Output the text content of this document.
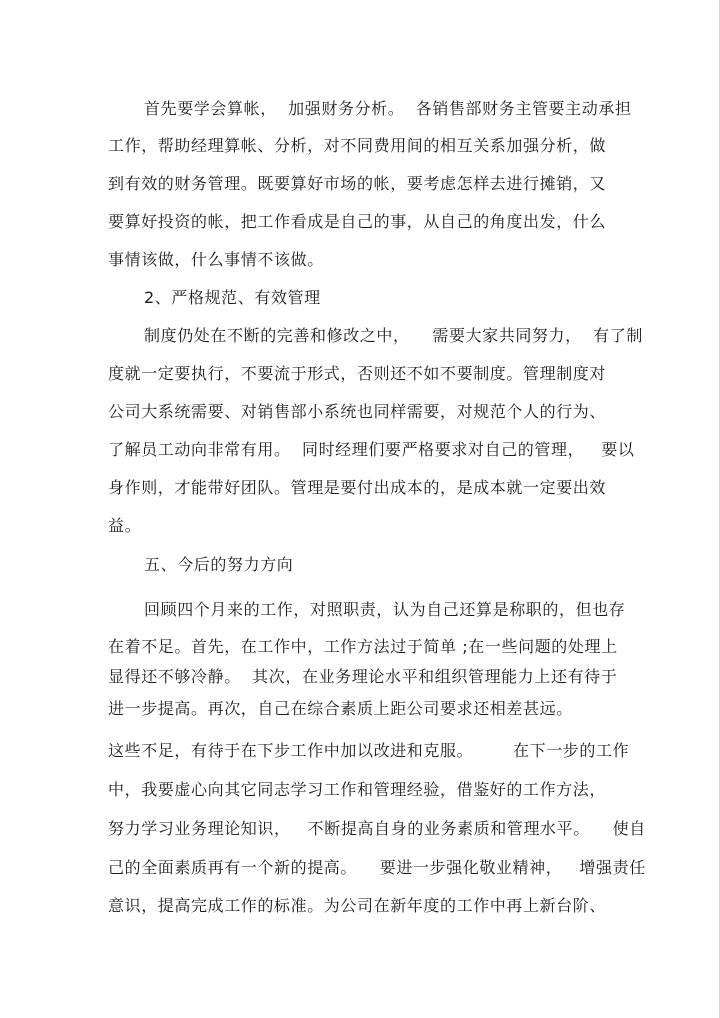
首先要学会算帐，  加强财务分析。  各销售部财务主管要主动承担
工作，帮助经理算帐、分析，对不同费用间的相互关系加强分析，做
到有效的财务管理。既要算好市场的帐，要考虑怎样去进行摊销，又
要算好投资的帐，把工作看成是自己的事，从自己的角度出发，什么
事情该做，什么事情不该做。
2、严格规范、有效管理
制度仍处在不断的完善和修改之中，    需要大家共同努力，  有了制
度就一定要执行，不要流于形式，否则还不如不要制度。管理制度对
公司大系统需要、对销售部小系统也同样需要，对规范个人的行为、
了解员工动向非常有用。  同时经理们要严格要求对自己的管理，   要以
身作则，才能带好团队。管理是要付出成本的，是成本就一定要出效
益。
五、今后的努力方向
回顾四个月来的工作，对照职责，认为自己还算是称职的，但也存
在着不足。首先，在工作中，工作方法过于简单 ;在一些问题的处理上
显得还不够冷静。  其次，在业务理论水平和组织管理能力上还有待于
进一步提高。再次，自己在综合素质上距公司要求还相差甚远。
这些不足，有待于在下步工作中加以改进和克服。       在下一步的工作
中，我要虚心向其它同志学习工作和管理经验，借鉴好的工作方法，
努力学习业务理论知识，   不断提高自身的业务素质和管理水平。    使自
己的全面素质再有一个新的提高。    要进一步强化敬业精神，   增强责任
意识，提高完成工作的标准。为公司在新年度的工作中再上新台阶、
